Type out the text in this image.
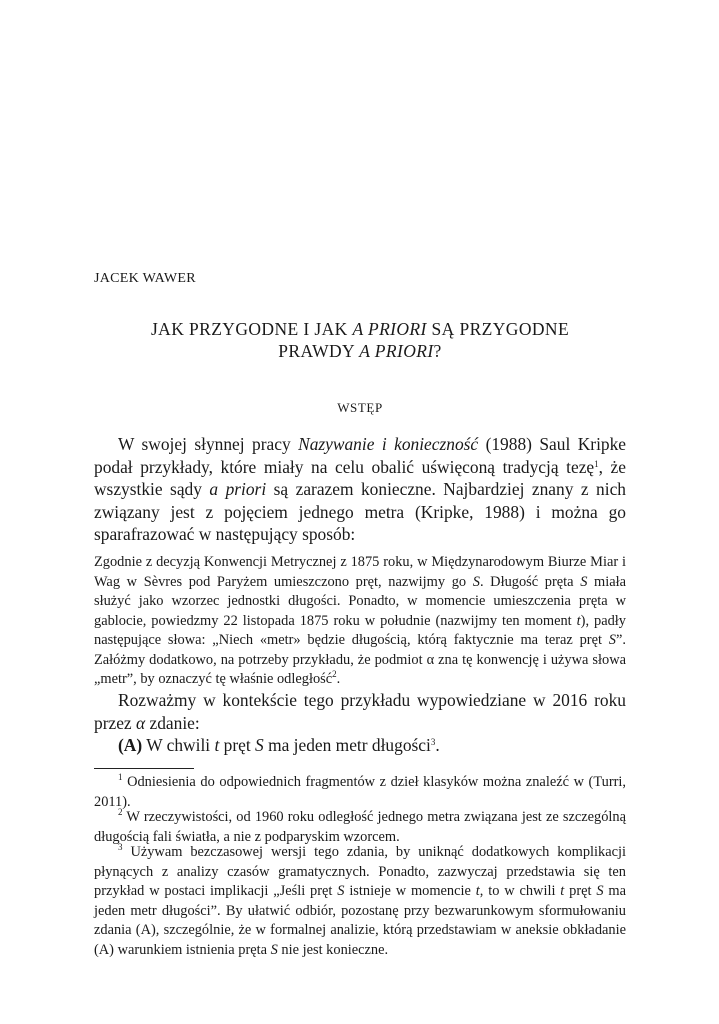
JACEK WAWER
JAK PRZYGODNE I JAK A PRIORI SĄ PRZYGODNE
PRAWDY A PRIORI?
WSTĘP

W swojej słynnej pracy Nazywanie i konieczność (1988) Saul Kripke podał przykłady, które miały na celu obalić uświęconą tradycją tezę$^1$, że wszystkie sądy a priori są zarazem konieczne. Najbardziej znany z nich związany jest z pojęciem jednego metra (Kripke, 1988) i można go sparafrazować w następujący sposób:

Zgodnie z decyzją Konwencji Metrycznej z 1875 roku, w Międzynarodowym Biurze Miar i Wag w Sèvres pod Paryżem umieszczono pręt, nazwijmy go S. Długość pręta S miała służyć jako wzorzec jednostki długości. Ponadto, w momencie umieszczenia pręta w gablocie, powiedzmy 22 listopada 1875 roku w południe (nazwijmy ten moment t), padły następujące słowa: „Niech «metr» będzie długością, którą faktycznie ma teraz pręt S”. Załóżmy dodatkowo, na potrzeby przykładu, że podmiot α zna tę konwencję i używa słowa „metr”, by oznaczyć tę właśnie odległość$^2$.

Rozważmy w kontekście tego przykładu wypowiedziane w 2016 roku przez α zdanie:

(A) W chwili t pręt S ma jeden metr długości$^3$.

$^1$ Odniesienia do odpowiednich fragmentów z dzieł klasyków można znaleźć w (Turri, 2011).

$^2$ W rzeczywistości, od 1960 roku odległość jednego metra związana jest ze szczególną długością fali światła, a nie z podparyskim wzorcem.

$^3$ Używam bezczasowej wersji tego zdania, by uniknąć dodatkowych komplikacji płynących z analizy czasów gramatycznych. Ponadto, zazwyczaj przedstawia się ten przykład w postaci implikacji „Jeśli pręt S istnieje w momencie t, to w chwili t pręt S ma jeden metr długości”. By ułatwić odbiór, pozostanę przy bezwarunkowym sformułowaniu zdania (A), szczególnie, że w formalnej analizie, którą przedstawiam w aneksie obkładanie (A) warunkiem istnienia pręta S nie jest konieczne.
